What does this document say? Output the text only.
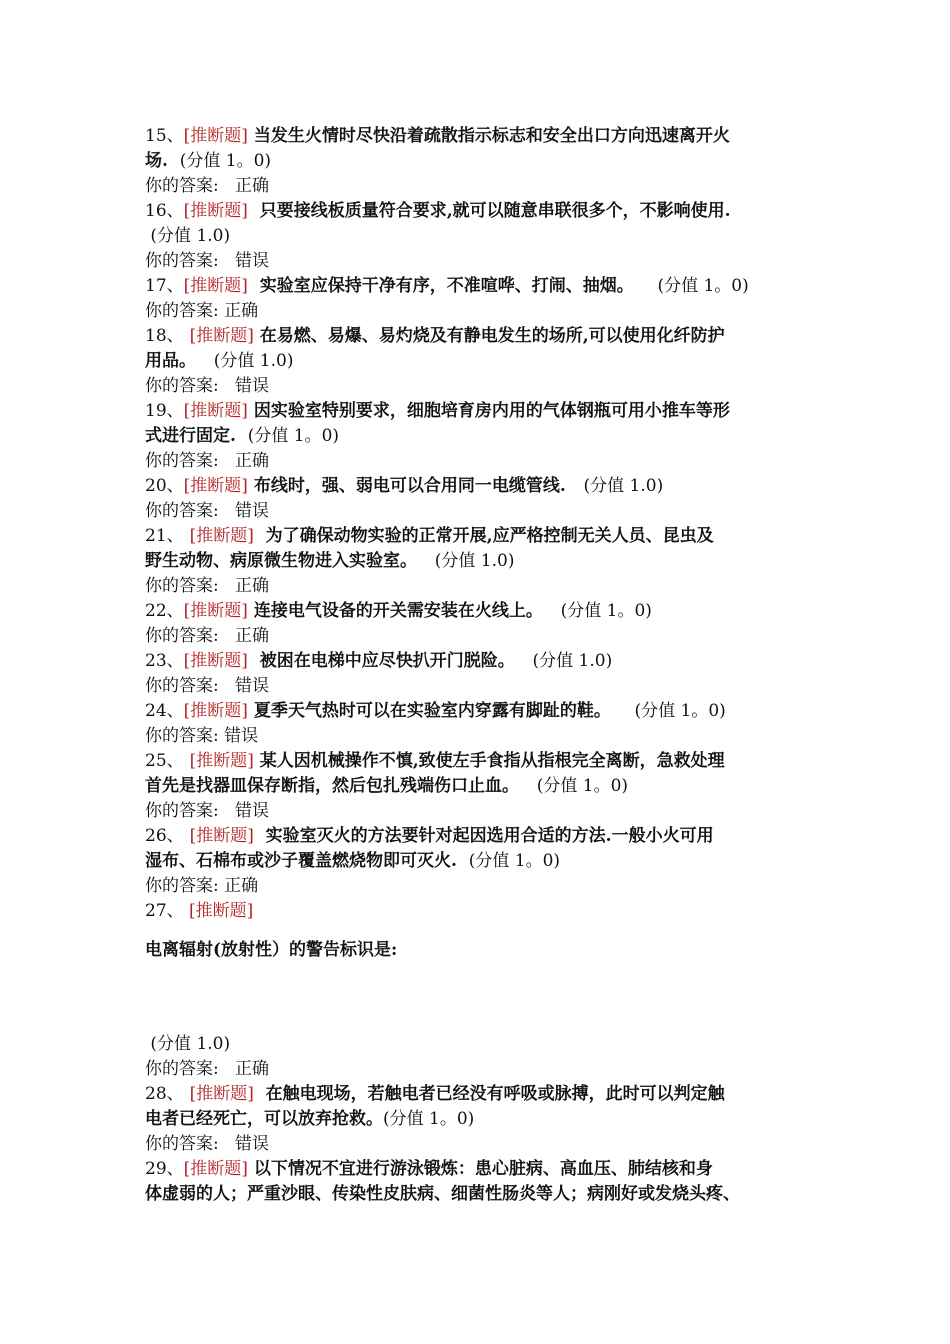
15、[推断题] 当发生火情时尽快沿着疏散指示标志和安全出口方向迅速离开火
场. (分值 1。0)
你的答案: 正确
16、[推断题] 只要接线板质量符合要求,就可以随意串联很多个，不影响使用.
(分值 1.0)
你的答案: 错误
17、[推断题] 实验室应保持干净有序，不准喧哗、打闹、抽烟。 (分值 1。0)
你的答案: 正确
18、 [推断题] 在易燃、易爆、易灼烧及有静电发生的场所,可以使用化纤防护
用品。 (分值 1.0)
你的答案: 错误
19、[推断题] 因实验室特别要求，细胞培育房内用的气体钢瓶可用小推车等形
式进行固定. (分值 1。0)
你的答案: 正确
20、[推断题] 布线时，强、弱电可以合用同一电缆管线. (分值 1.0)
你的答案: 错误
21、 [推断题] 为了确保动物实验的正常开展,应严格控制无关人员、昆虫及
野生动物、病原微生物进入实验室。 (分值 1.0)
你的答案: 正确
22、[推断题] 连接电气设备的开关需安装在火线上。 (分值 1。0)
你的答案: 正确
23、[推断题] 被困在电梯中应尽快扒开门脱险。 (分值 1.0)
你的答案: 错误
24、[推断题] 夏季天气热时可以在实验室内穿露有脚趾的鞋。 (分值 1。0)
你的答案: 错误
25、 [推断题] 某人因机械操作不慎,致使左手食指从指根完全离断，急救处理
首先是找器皿保存断指，然后包扎残端伤口止血。 (分值 1。0)
你的答案: 错误
26、 [推断题] 实验室灭火的方法要针对起因选用合适的方法.一般小火可用
湿布、石棉布或沙子覆盖燃烧物即可灭火. (分值 1。0)
你的答案: 正确
27、 [推断题]
电离辐射(放射性）的警告标识是:
(分值 1.0)
你的答案: 正确
28、 [推断题] 在触电现场，若触电者已经没有呼吸或脉搏，此时可以判定触
电者已经死亡，可以放弃抢救。(分值 1。0)
你的答案: 错误
29、[推断题] 以下情况不宜进行游泳锻炼：患心脏病、高血压、肺结核和身
体虚弱的人；严重沙眼、传染性皮肤病、细菌性肠炎等人；病刚好或发烧头疼、
